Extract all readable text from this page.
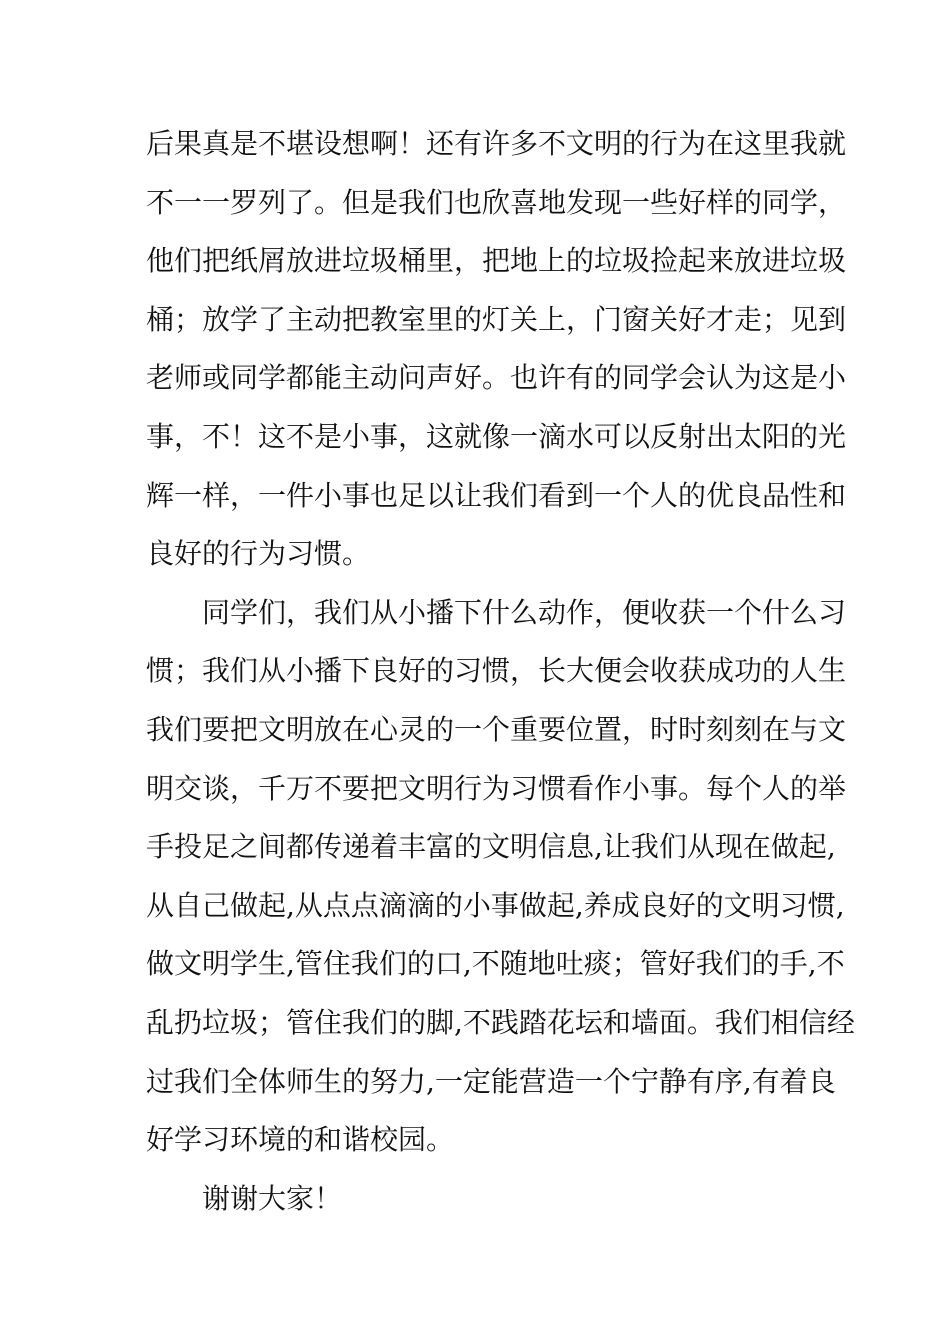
后果真是不堪设想啊！还有许多不文明的行为在这里我就
不一一罗列了。但是我们也欣喜地发现一些好样的同学，
他们把纸屑放进垃圾桶里，把地上的垃圾捡起来放进垃圾
桶；放学了主动把教室里的灯关上，门窗关好才走；见到
老师或同学都能主动问声好。也许有的同学会认为这是小
事，不！这不是小事，这就像一滴水可以反射出太阳的光
辉一样，一件小事也足以让我们看到一个人的优良品性和
良好的行为习惯。
同学们，我们从小播下什么动作，便收获一个什么习
惯；我们从小播下良好的习惯，长大便会收获成功的人生
我们要把文明放在心灵的一个重要位置，时时刻刻在与文
明交谈，千万不要把文明行为习惯看作小事。每个人的举
手投足之间都传递着丰富的文明信息,让我们从现在做起,
从自己做起,从点点滴滴的小事做起,养成良好的文明习惯,
做文明学生,管住我们的口,不随地吐痰；管好我们的手,不
乱扔垃圾；管住我们的脚,不践踏花坛和墙面。我们相信经
过我们全体师生的努力,一定能营造一个宁静有序,有着良
好学习环境的和谐校园。
谢谢大家！
